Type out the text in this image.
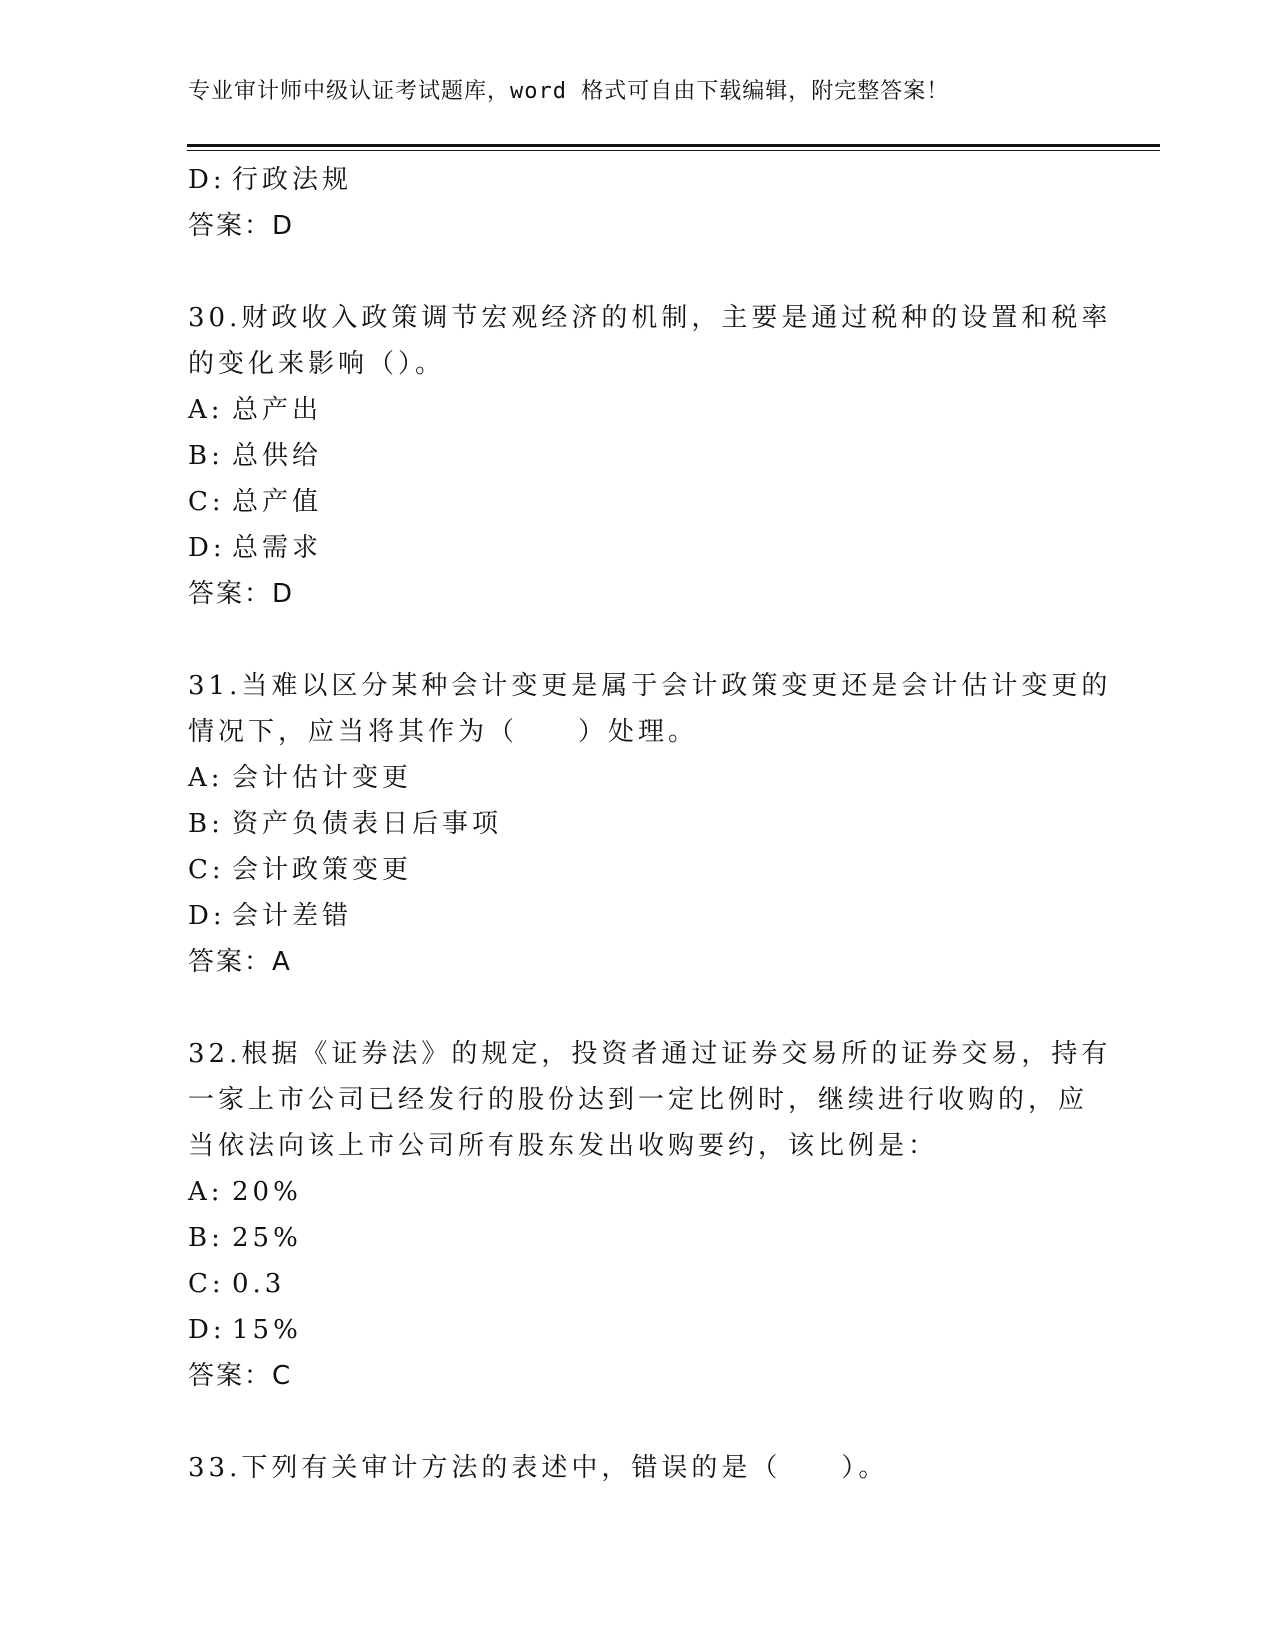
专业审计师中级认证考试题库，word 格式可自由下载编辑，附完整答案！
D: 行政法规
答案：D
30.财政收入政策调节宏观经济的机制，主要是通过税种的设置和税率
的变化来影响（）。
A: 总产出
B: 总供给
C: 总产值
D: 总需求
答案：D
31.当难以区分某种会计变更是属于会计政策变更还是会计估计变更的
情况下，应当将其作为（　　）处理。
A: 会计估计变更
B: 资产负债表日后事项
C: 会计政策变更
D: 会计差错
答案：A
32.根据《证券法》的规定，投资者通过证券交易所的证券交易，持有
一家上市公司已经发行的股份达到一定比例时，继续进行收购的，应
当依法向该上市公司所有股东发出收购要约，该比例是：
A: 20%
B: 25%
C: 0.3
D: 15%
答案：C
33.下列有关审计方法的表述中，错误的是（　　）。
